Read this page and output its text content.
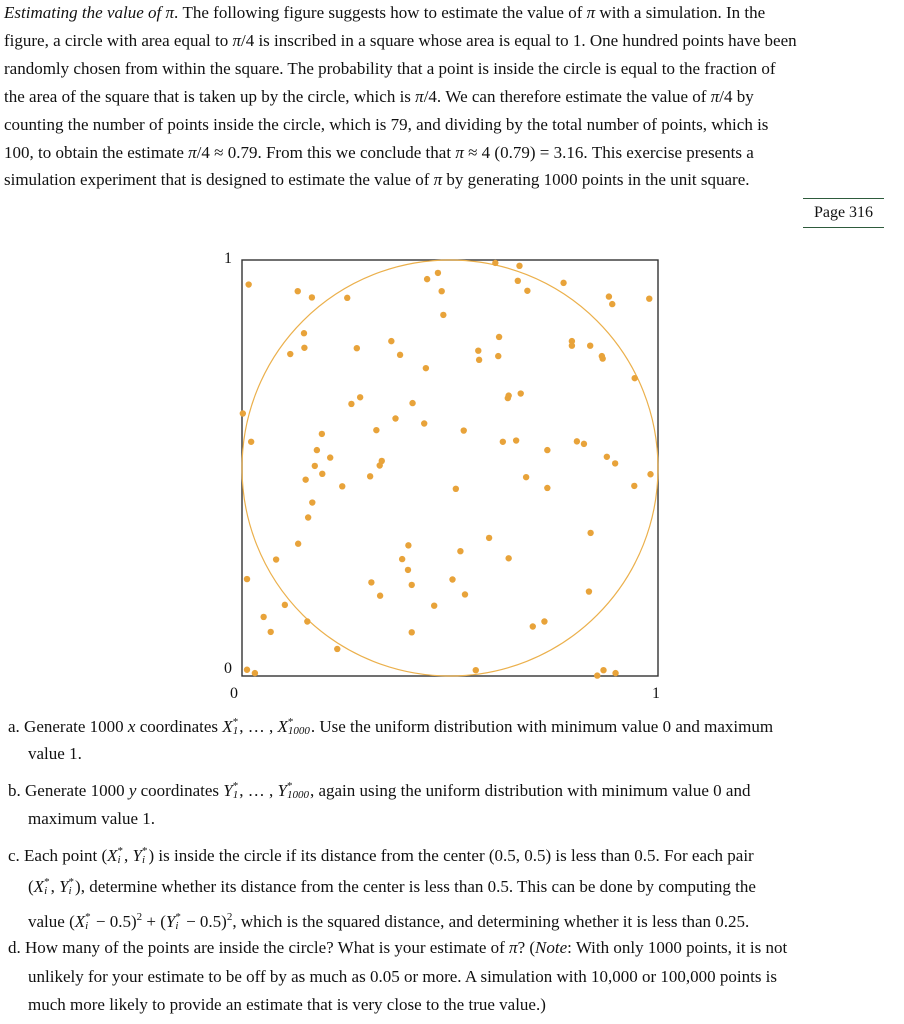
Estimating the value of π. The following figure suggests how to estimate the value of π with a simulation. In the
figure, a circle with area equal to π/4 is inscribed in a square whose area is equal to 1. One hundred points have been
randomly chosen from within the square. The probability that a point is inside the circle is equal to the fraction of
the area of the square that is taken up by the circle, which is π/4. We can therefore estimate the value of π/4 by
counting the number of points inside the circle, which is 79, and dividing by the total number of points, which is
100, to obtain the estimate π/4 ≈ 0.79. From this we conclude that π ≈ 4 (0.79) = 3.16. This exercise presents a
simulation experiment that is designed to estimate the value of π by generating 1000 points in the unit square.
Page 316
1
0
0	1
a. Generate 1000 x coordinates X *
1 , … , X *
1000 . Use the uniform distribution with minimum value 0 and maximum
value 1.
b. Generate 1000 y coordinates Y *
1 , … , Y *
1000 , again using the uniform distribution with minimum value 0 and
maximum value 1.
c. Each point (X *
i , Y *
i ) is inside the circle if its distance from the center (0.5, 0.5) is less than 0.5. For each pair
(X *
i , Y *
i ), determine whether its distance from the center is less than 0.5. This can be done by computing the
value (X *
i − 0.5)$^2$ + (Y *
i − 0.5)$^2$, which is the squared distance, and determining whether it is less than 0.25.
d. How many of the points are inside the circle? What is your estimate of π? (Note: With only 1000 points, it is not
unlikely for your estimate to be off by as much as 0.05 or more. A simulation with 10,000 or 100,000 points is
much more likely to provide an estimate that is very close to the true value.)
